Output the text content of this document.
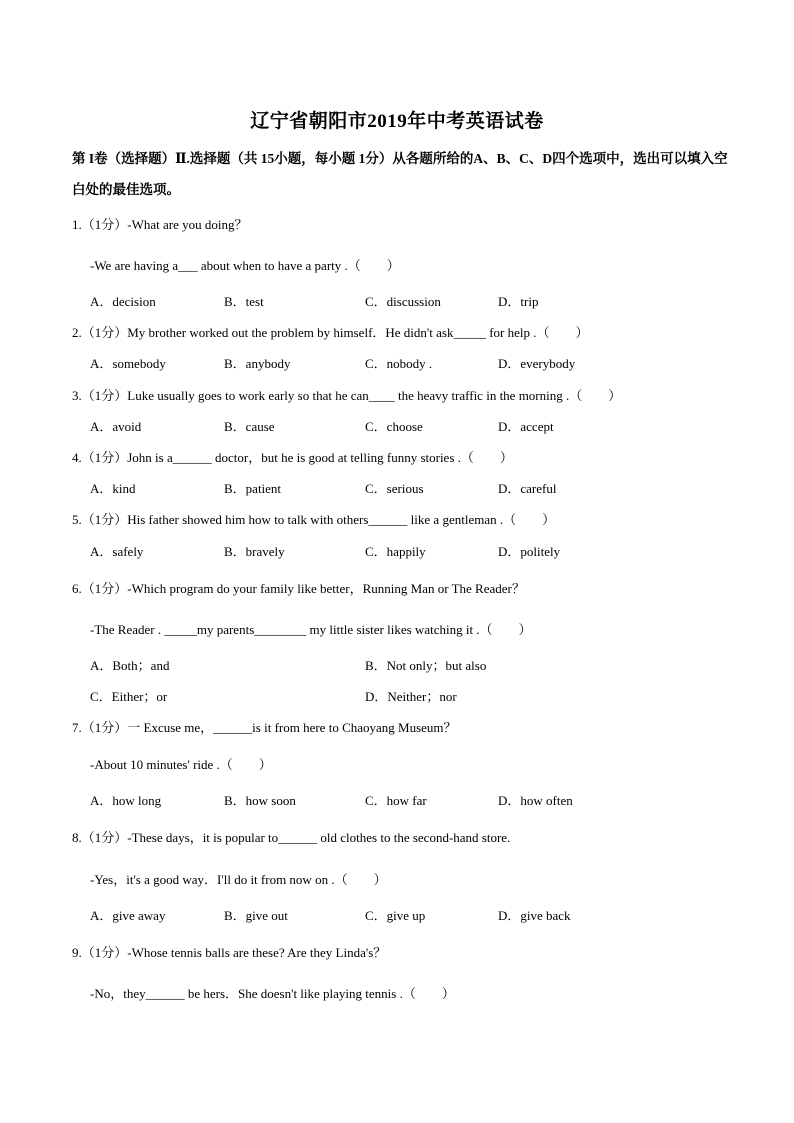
辽宁省朝阳市2019年中考英语试卷
第 I卷（选择题）Ⅱ.选择题（共 15小题，每小题 1分）从各题所给的A、B、C、D四个选项中，选出可以填入空白处的最佳选项。
1.（1分）-What are you doing？
-We are having a___ about when to have a party .（　　）
A．decision	B．test	C．discussion	D．trip
2.（1分）My brother worked out the problem by himself．He didn't ask_____ for help .（　　）
A．somebody	B．anybody	C．nobody .	D．everybody
3.（1分）Luke usually goes to work early so that he can____ the heavy traffic in the morning .（　　）
A．avoid	B．cause	C．choose	D．accept
4.（1分）John is a______ doctor，but he is good at telling funny stories .（　　）
A．kind	B．patient	C．serious	D．careful
5.（1分）His father showed him how to talk with others______ like a gentleman .（　　）
A．safely	B．bravely	C．happily	D．politely
6.（1分）-Which program do your family like better，Running Man or The Reader？
-The Reader . _____my parents________ my little sister likes watching it .（　　）
A．Both；and	B．Not only；but also
C．Either；or	D．Neither；nor
7.（1分）一 Excuse me，______is it from here to Chaoyang Museum？
-About 10 minutes' ride .（　　）
A．how long	B．how soon	C．how far	D．how often
8.（1分）-These days，it is popular to______ old clothes to the second-hand store.
-Yes，it's a good way．I'll do it from now on .（　　）
A．give away	B．give out	C．give up	D．give back
9.（1分）-Whose tennis balls are these? Are they Linda's？
-No，they______ be hers．She doesn't like playing tennis .（　　）
